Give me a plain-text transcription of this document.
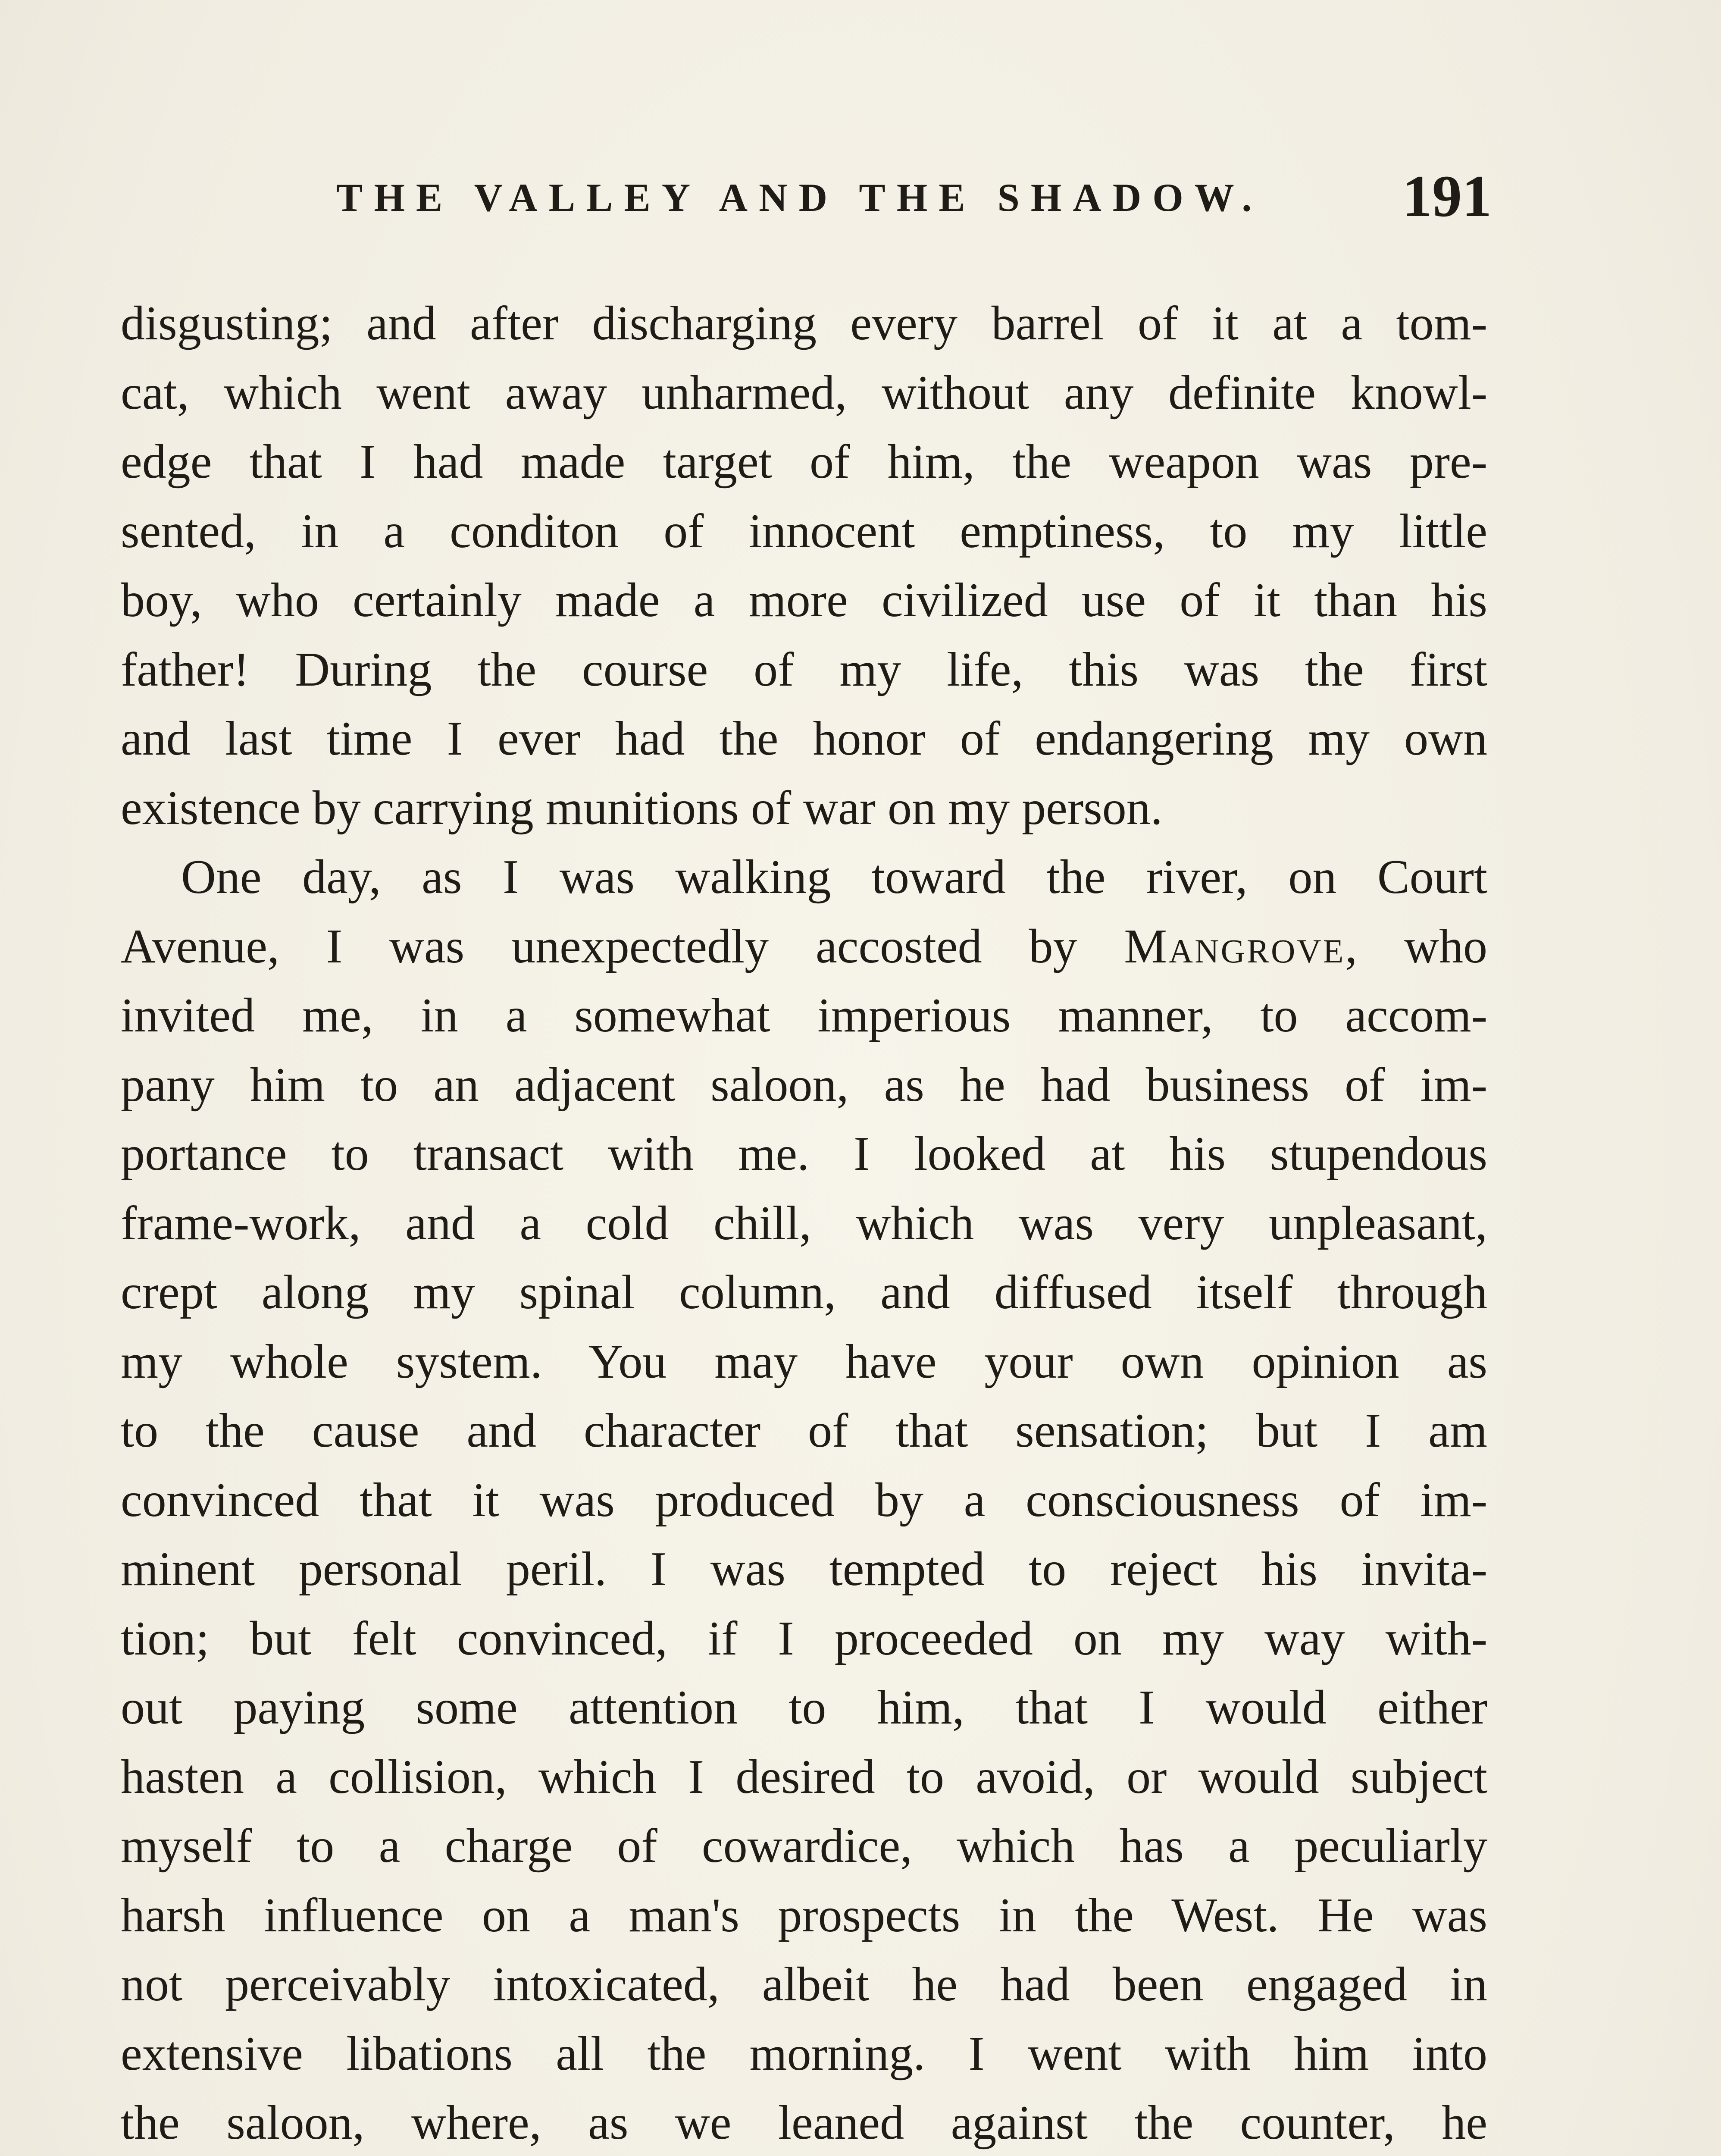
THE VALLEY AND THE SHADOW. 191
disgusting; and after discharging every barrel of it at a tom-
cat, which went away unharmed, without any definite knowl-
edge that I had made target of him, the weapon was pre-
sented, in a conditon of innocent emptiness, to my little
boy, who certainly made a more civilized use of it than his
father! During the course of my life, this was the first
and last time I ever had the honor of endangering my own
existence by carrying munitions of war on my person.
One day, as I was walking toward the river, on Court
Avenue, I was unexpectedly accosted by Mangrove, who
invited me, in a somewhat imperious manner, to accom-
pany him to an adjacent saloon, as he had business of im-
portance to transact with me. I looked at his stupendous
frame-work, and a cold chill, which was very unpleasant,
crept along my spinal column, and diffused itself through
my whole system. You may have your own opinion as
to the cause and character of that sensation; but I am
convinced that it was produced by a consciousness of im-
minent personal peril. I was tempted to reject his invita-
tion; but felt convinced, if I proceeded on my way with-
out paying some attention to him, that I would either
hasten a collision, which I desired to avoid, or would subject
myself to a charge of cowardice, which has a peculiarly
harsh influence on a man's prospects in the West. He was
not perceivably intoxicated, albeit he had been engaged in
extensive libations all the morning. I went with him into
the saloon, where, as we leaned against the counter, he
